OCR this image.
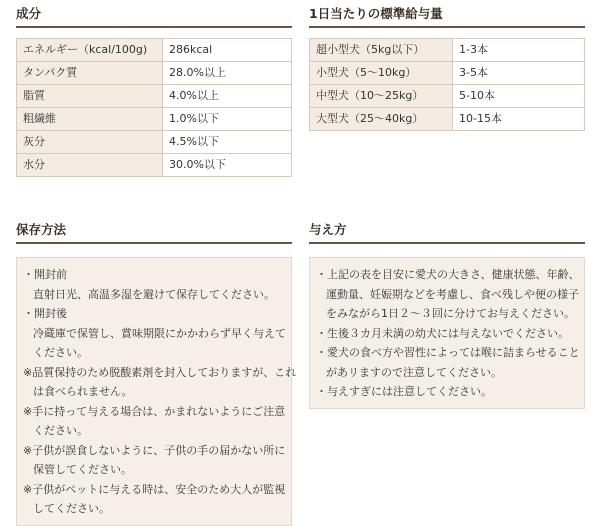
成分
エネルギー（kcal/100g)	286kcal
タンパク質	28.0%以上
脂質	4.0%以上
粗繊維	1.0%以下
灰分	4.5%以下
水分	30.0%以下
保存方法
・開封前
直射日光、高温多湿を避けて保存してください。
・開封後
冷蔵庫で保管し、賞味期限にかかわらず早く与えて
ください。
※品質保持のため脱酸素剤を封入しておりますが、これ
は食べられません。
※手に持って与える場合は、かまれないようにご注意
ください。
※子供が誤食しないように、子供の手の届かない所に
保管してください。
※子供がペットに与える時は、安全のため大人が監視
してください。
1日当たりの標準給与量
超小型犬（5kg以下）	1-3本
小型犬（5～10kg）	3-5本
中型犬（10～25kg）	5-10本
大型犬（25～40kg）	10-15本
与え方
・上記の表を目安に愛犬の大きさ、健康状態、年齢、
運動量、妊娠期などを考慮し、食べ残しや便の様子
をみながら1日２～３回に分けてお与えください。
・生後３カ月未満の幼犬には与えないでください。
・愛犬の食べ方や習性によっては喉に詰まらせること
があリますので注意してください。
・与えすぎには注意してください。
